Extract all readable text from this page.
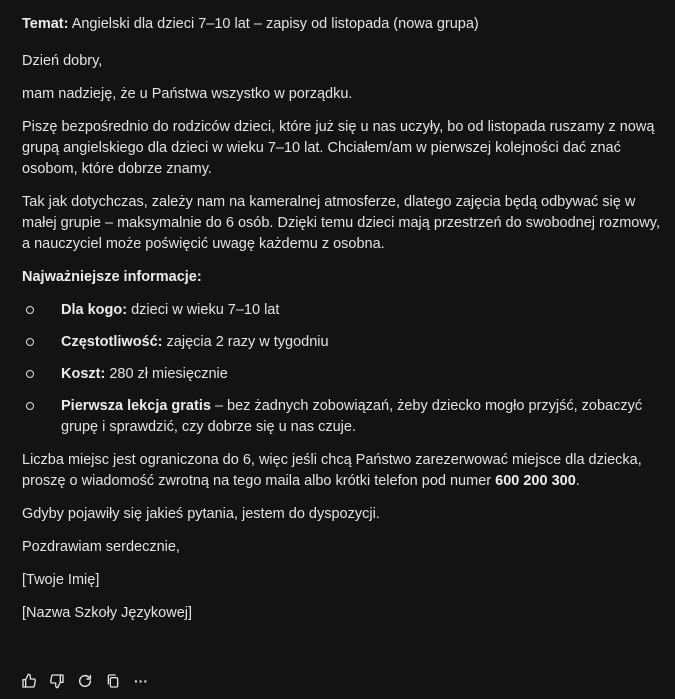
Temat: Angielski dla dzieci 7–10 lat – zapisy od listopada (nowa grupa)

Dzień dobry,

mam nadzieję, że u Państwa wszystko w porządku.

Piszę bezpośrednio do rodziców dzieci, które już się u nas uczyły, bo od listopada ruszamy z nową grupą angielskiego dla dzieci w wieku 7–10 lat. Chciałem/am w pierwszej kolejności dać znać osobom, które dobrze znamy.

Tak jak dotychczas, zależy nam na kameralnej atmosferze, dlatego zajęcia będą odbywać się w małej grupie – maksymalnie do 6 osób. Dzięki temu dzieci mają przestrzeń do swobodnej rozmowy, a nauczyciel może poświęcić uwagę każdemu z osobna.

Najważniejsze informacje:

Dla kogo: dzieci w wieku 7–10 lat
Częstotliwość: zajęcia 2 razy w tygodniu
Koszt: 280 zł miesięcznie
Pierwsza lekcja gratis – bez żadnych zobowiązań, żeby dziecko mogło przyjść, zobaczyć grupę i sprawdzić, czy dobrze się u nas czuje.

Liczba miejsc jest ograniczona do 6, więc jeśli chcą Państwo zarezerwować miejsce dla dziecka, proszę o wiadomość zwrotną na tego maila albo krótki telefon pod numer 600 200 300.

Gdyby pojawiły się jakieś pytania, jestem do dyspozycji.

Pozdrawiam serdecznie,

[Twoje Imię]

[Nazwa Szkoły Językowej]

···
